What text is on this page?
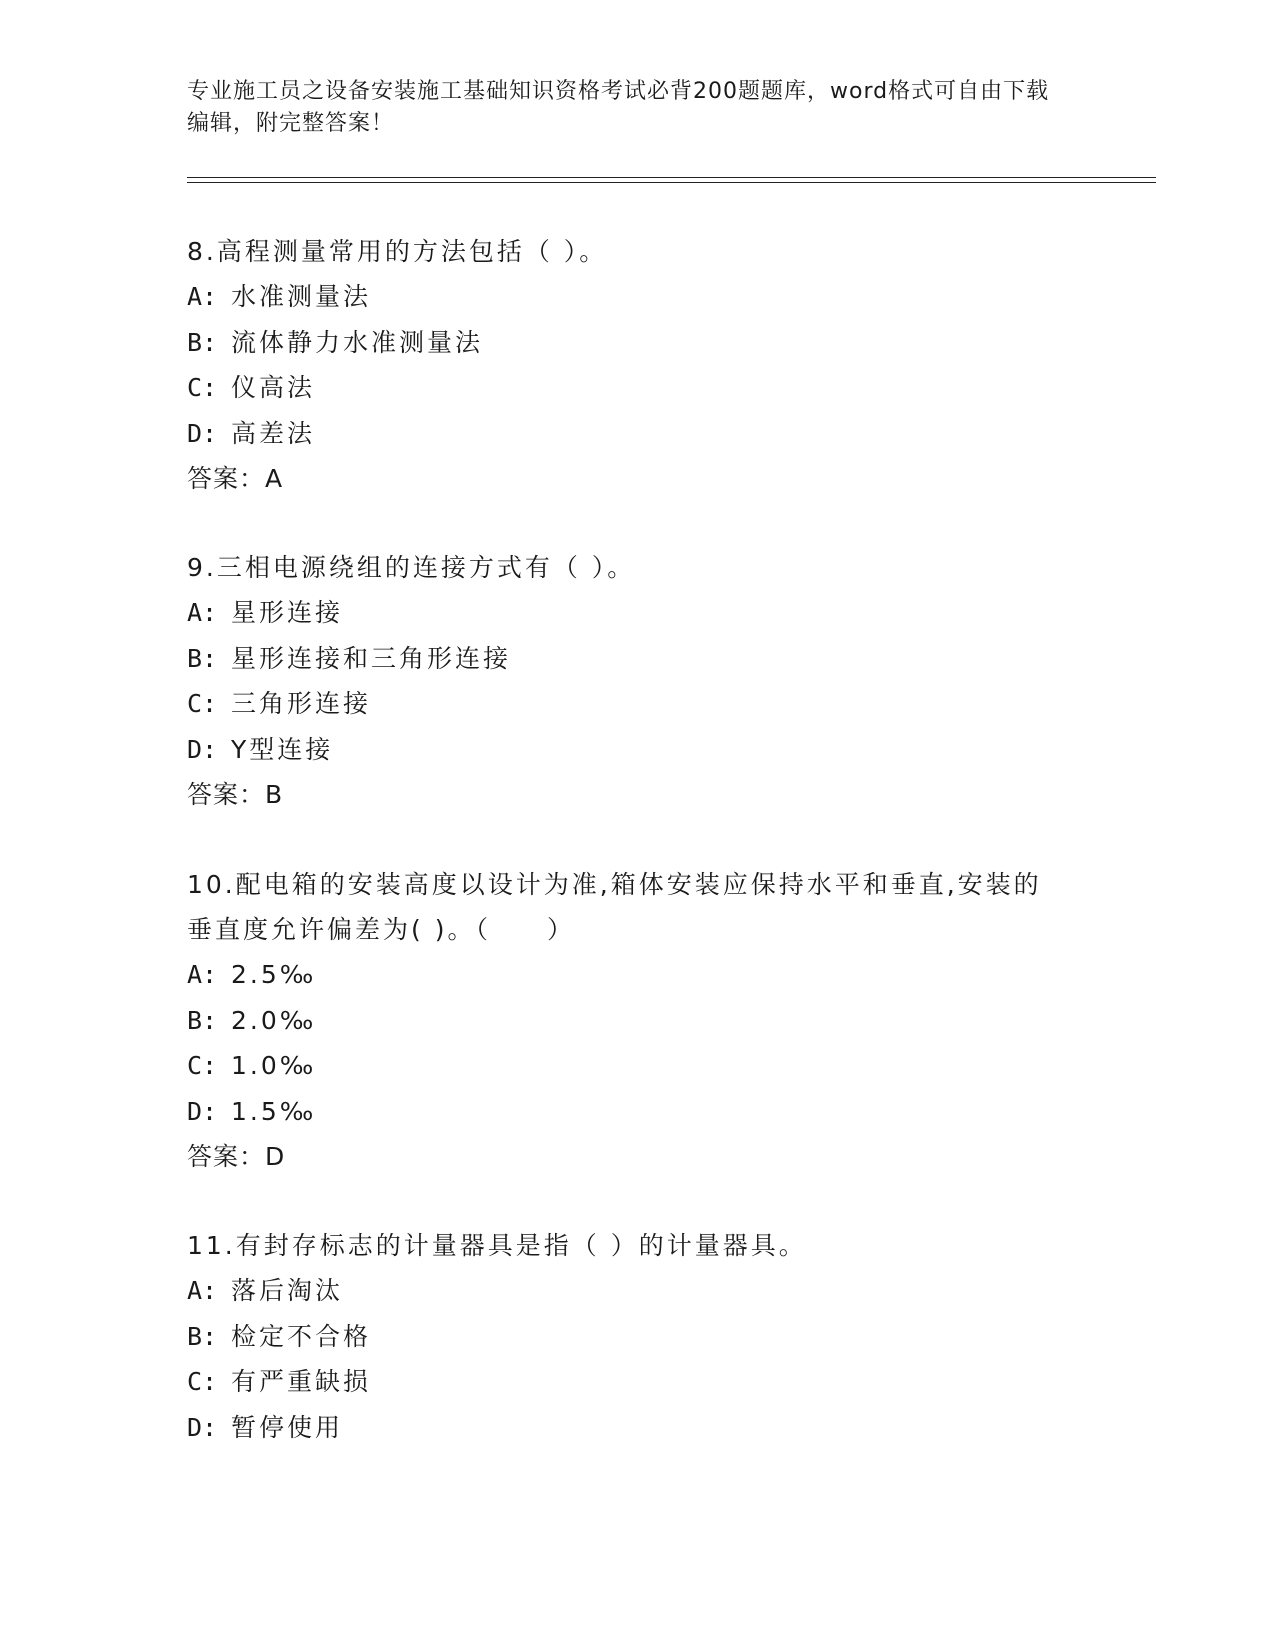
专业施工员之设备安装施工基础知识资格考试必背200题题库，word格式可自由下载编辑，附完整答案！
8.高程测量常用的方法包括（ ）。
A: 水准测量法
B: 流体静力水准测量法
C: 仪高法
D: 高差法
答案：A
9.三相电源绕组的连接方式有（ ）。
A: 星形连接
B: 星形连接和三角形连接
C: 三角形连接
D: Y型连接
答案：B
10.配电箱的安装高度以设计为准,箱体安装应保持水平和垂直,安装的垂直度允许偏差为( )。（　　）
A: 2.5‰
B: 2.0‰
C: 1.0‰
D: 1.5‰
答案：D
11.有封存标志的计量器具是指（ ）的计量器具。
A: 落后淘汰
B: 检定不合格
C: 有严重缺损
D: 暂停使用
